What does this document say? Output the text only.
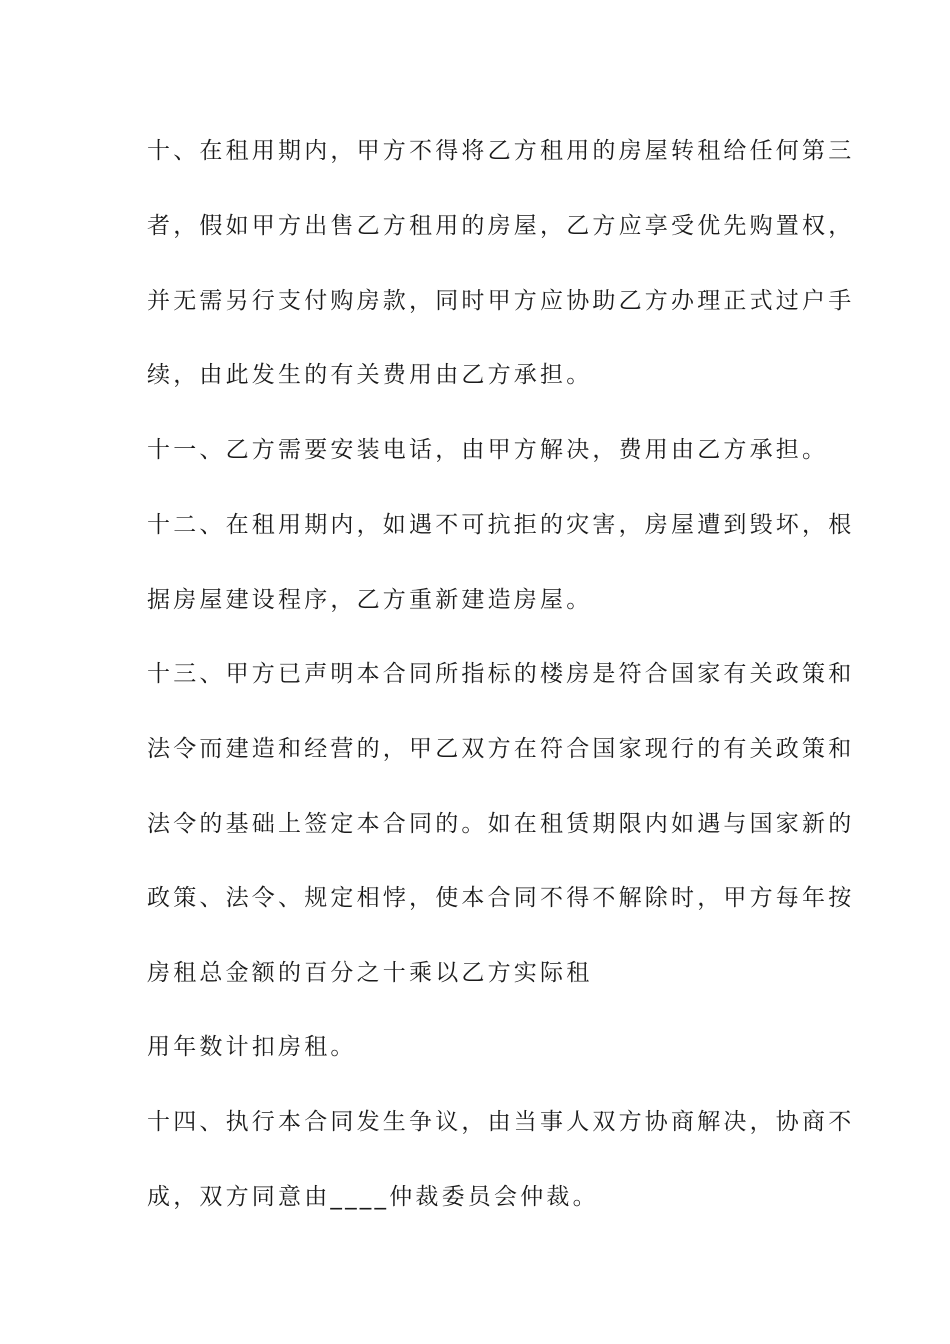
十、在租用期内，甲方不得将乙方租用的房屋转租给任何第三

者，假如甲方出售乙方租用的房屋，乙方应享受优先购置权，

并无需另行支付购房款，同时甲方应协助乙方办理正式过户手

续，由此发生的有关费用由乙方承担。

十一、乙方需要安装电话，由甲方解决，费用由乙方承担。

十二、在租用期内，如遇不可抗拒的灾害，房屋遭到毁坏，根

据房屋建设程序，乙方重新建造房屋。

十三、甲方已声明本合同所指标的楼房是符合国家有关政策和

法令而建造和经营的，甲乙双方在符合国家现行的有关政策和

法令的基础上签定本合同的。如在租赁期限内如遇与国家新的

政策、法令、规定相悖，使本合同不得不解除时，甲方每年按

房租总金额的百分之十乘以乙方实际租

用年数计扣房租。

十四、执行本合同发生争议，由当事人双方协商解决，协商不

成，双方同意由____仲裁委员会仲裁。
